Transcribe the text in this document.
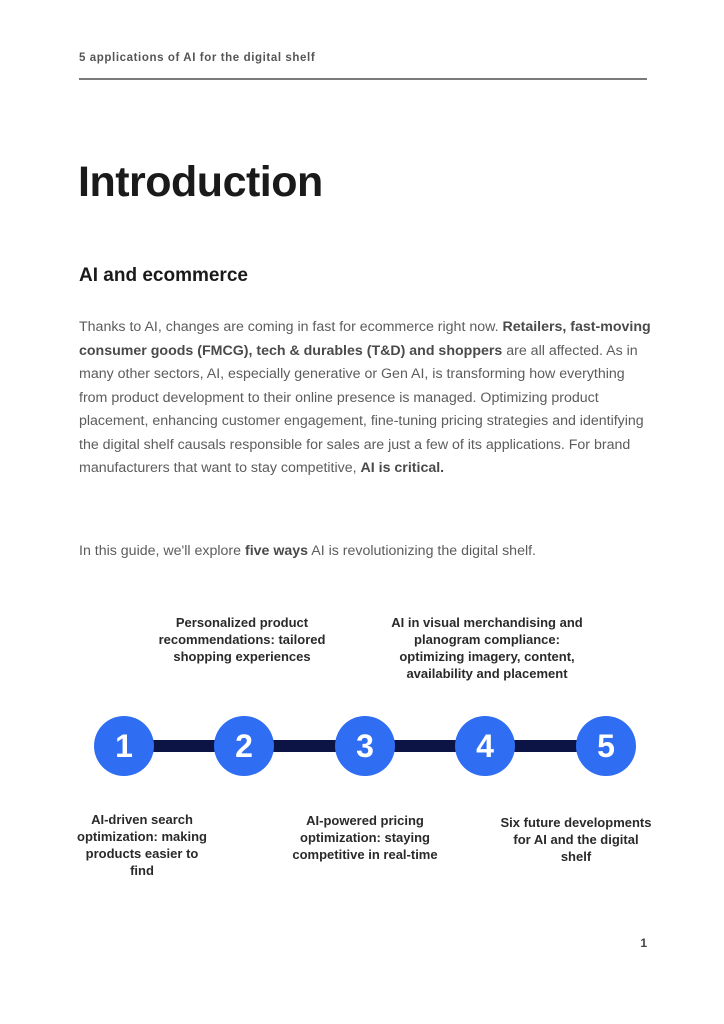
5 applications of AI for the digital shelf
Introduction
AI and ecommerce

Thanks to AI, changes are coming in fast for ecommerce right now. Retailers, fast-moving consumer goods (FMCG), tech & durables (T&D) and shoppers are all affected. As in many other sectors, AI, especially generative or Gen AI, is transforming how everything from product development to their online presence is managed. Optimizing product placement, enhancing customer engagement, fine-tuning pricing strategies and identifying the digital shelf causals responsible for sales are just a few of its applications. For brand manufacturers that want to stay competitive, AI is critical.

In this guide, we'll explore five ways AI is revolutionizing the digital shelf.

Personalized product recommendations: tailored shopping experiences
AI in visual merchandising and planogram compliance: optimizing imagery, content, availability and placement
1	2	3	4	5
AI-driven search optimization: making products easier to find
AI-powered pricing optimization: staying competitive in real-time
Six future developments for AI and the digital shelf
1
